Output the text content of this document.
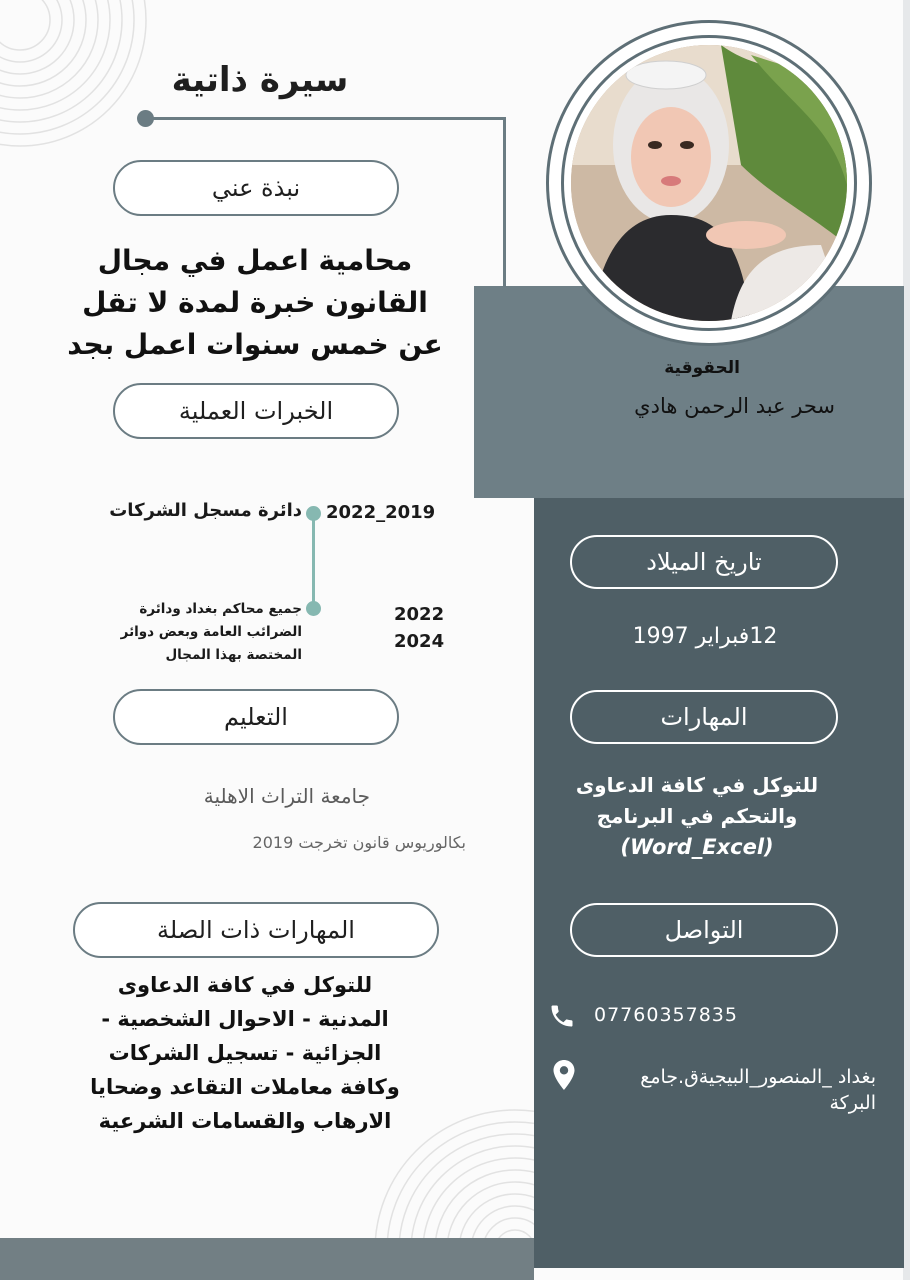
سيرة ذاتية
الحقوقية
سحر عبد الرحمن هادي
نبذة عني
محامية اعمل في مجال القانون خبرة لمدة لا تقل عن خمس سنوات اعمل بجد
الخبرات العملية
2022_2019
دائرة مسجل الشركات
جميع محاكم بغداد ودائرة الضرائب العامة وبعض دوائر المختصة بهذا المجال
2022
2024
التعليم
جامعة التراث الاهلية
بكالوريوس قانون تخرجت 2019
المهارات ذات الصلة
للتوكل في كافة الدعاوى المدنية - الاحوال الشخصية - الجزائية - تسجيل الشركات وكافة معاملات التقاعد وضحايا الارهاب والقسامات الشرعية
تاريخ الميلاد
12فبراير 1997
المهارات
للتوكل في كافة الدعاوى
والتحكم في البرنامج
(Word_Excel)
التواصل
07760357835
بغداد _المنصور_البيجيةق.جامع البركة
